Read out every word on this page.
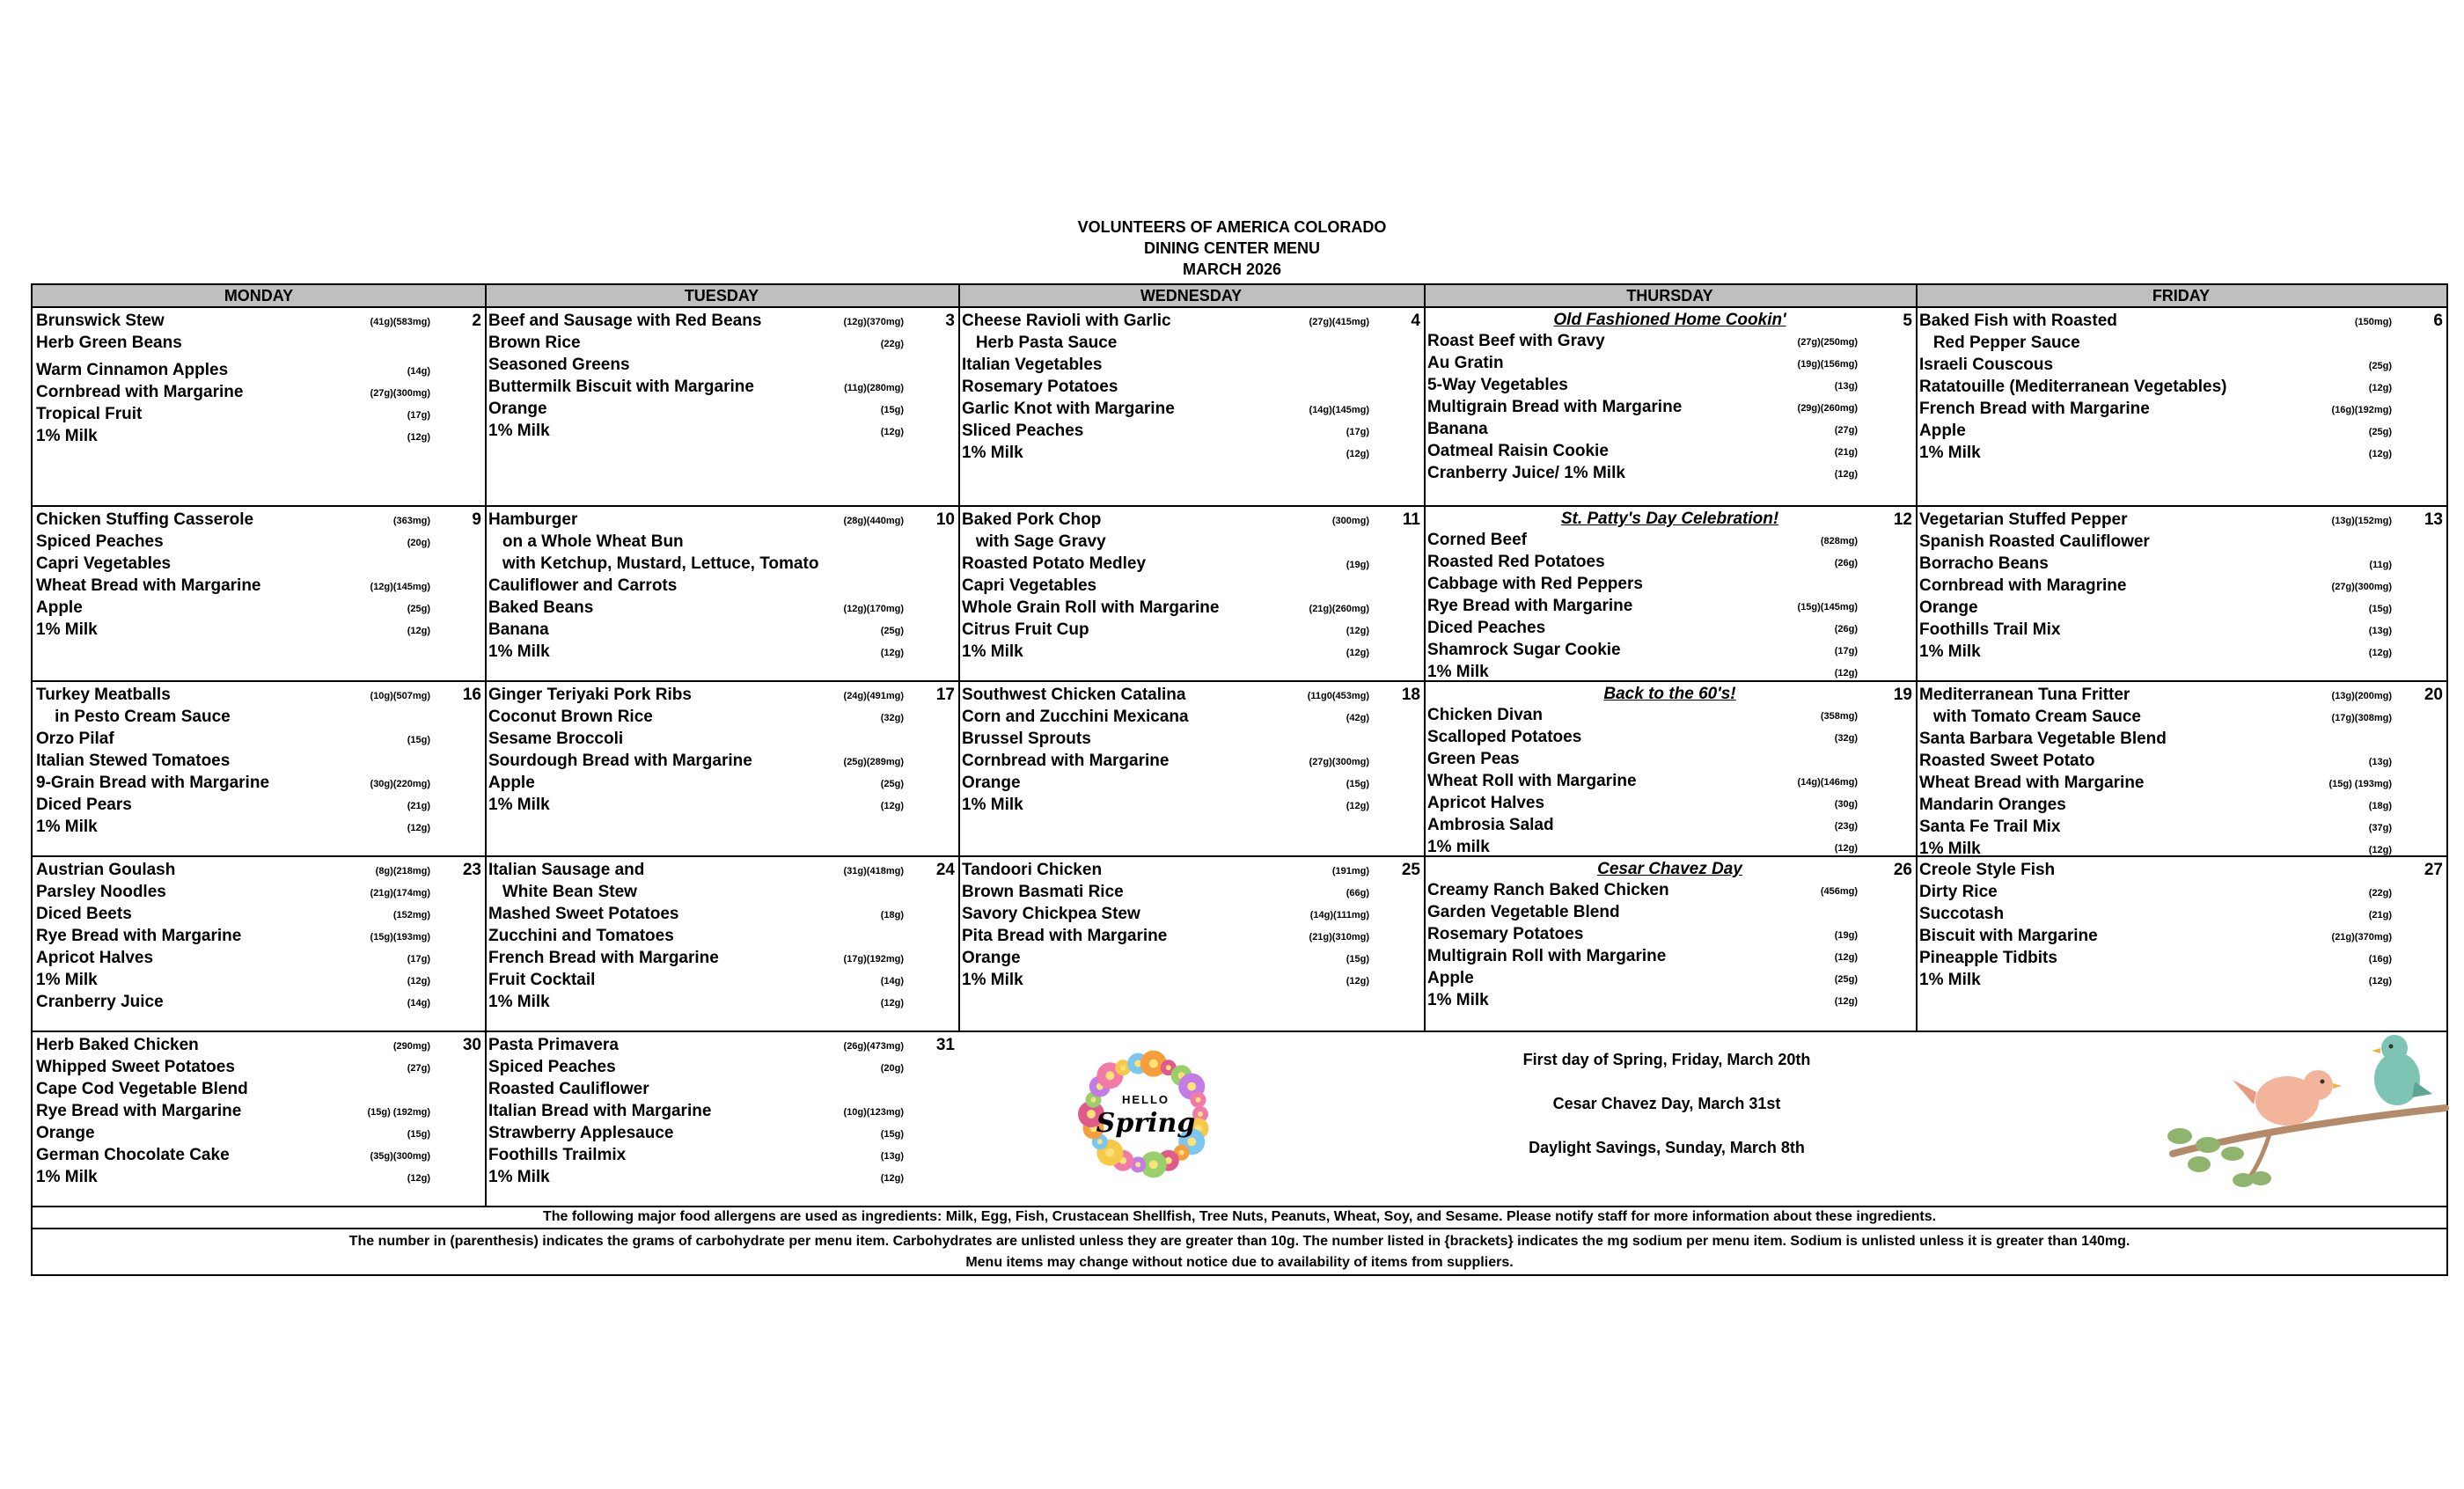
VOLUNTEERS OF AMERICA COLORADO
DINING CENTER MENU
MARCH 2026
MONDAY	TUESDAY	WEDNESDAY	THURSDAY	FRIDAY
2
Brunswick Stew	(41g)(583mg)
Herb Green Beans
Warm Cinnamon Apples	(14g)
Cornbread with Margarine	(27g)(300mg)
Tropical Fruit	(17g)
1% Milk	(12g)
3
Beef and Sausage with Red Beans	(12g)(370mg)
Brown Rice	(22g)
Seasoned Greens
Buttermilk Biscuit with Margarine	(11g)(280mg)
Orange	(15g)
1% Milk	(12g)
4
Cheese Ravioli with Garlic	(27g)(415mg)
Herb Pasta Sauce
Italian Vegetables
Rosemary Potatoes
Garlic Knot with Margarine	(14g)(145mg)
Sliced Peaches	(17g)
1% Milk	(12g)
5
Old Fashioned Home Cookin'
Roast Beef with Gravy	(27g)(250mg)
Au Gratin	(19g)(156mg)
5-Way Vegetables	(13g)
Multigrain Bread with Margarine	(29g)(260mg)
Banana	(27g)
Oatmeal Raisin Cookie	(21g)
Cranberry Juice/ 1% Milk	(12g)
6
Baked Fish with Roasted	(150mg)
Red Pepper Sauce
Israeli Couscous	(25g)
Ratatouille (Mediterranean Vegetables)	(12g)
French Bread with Margarine	(16g)(192mg)
Apple	(25g)
1% Milk	(12g)
9
Chicken Stuffing Casserole	(363mg)
Spiced Peaches	(20g)
Capri Vegetables
Wheat Bread with Margarine	(12g)(145mg)
Apple	(25g)
1% Milk	(12g)
10
Hamburger	(28g)(440mg)
on a Whole Wheat Bun
with Ketchup, Mustard, Lettuce, Tomato
Cauliflower and Carrots
Baked Beans	(12g)(170mg)
Banana	(25g)
1% Milk	(12g)
11
Baked Pork Chop	(300mg)
with Sage Gravy
Roasted Potato Medley	(19g)
Capri Vegetables
Whole Grain Roll with Margarine	(21g)(260mg)
Citrus Fruit Cup	(12g)
1% Milk	(12g)
12
St. Patty's Day Celebration!
Corned Beef	(828mg)
Roasted Red Potatoes	(26g)
Cabbage with Red Peppers
Rye Bread with Margarine	(15g)(145mg)
Diced Peaches	(26g)
Shamrock Sugar Cookie	(17g)
1% Milk	(12g)
13
Vegetarian Stuffed Pepper	(13g)(152mg)
Spanish Roasted Cauliflower
Borracho Beans	(11g)
Cornbread with Maragrine	(27g)(300mg)
Orange	(15g)
Foothills Trail Mix	(13g)
1% Milk	(12g)
16
Turkey Meatballs	(10g)(507mg)
in Pesto Cream Sauce
Orzo Pilaf	(15g)
Italian Stewed Tomatoes
9-Grain Bread with Margarine	(30g)(220mg)
Diced Pears	(21g)
1% Milk	(12g)
17
Ginger Teriyaki Pork Ribs	(24g)(491mg)
Coconut Brown Rice	(32g)
Sesame Broccoli
Sourdough Bread with Margarine	(25g)(289mg)
Apple	(25g)
1% Milk	(12g)
18
Southwest Chicken Catalina	(11g0(453mg)
Corn and Zucchini Mexicana	(42g)
Brussel Sprouts
Cornbread with Margarine	(27g)(300mg)
Orange	(15g)
1% Milk	(12g)
19
Back to the 60's!
Chicken Divan	(358mg)
Scalloped Potatoes	(32g)
Green Peas
Wheat Roll with Margarine	(14g)(146mg)
Apricot Halves	(30g)
Ambrosia Salad	(23g)
1% milk	(12g)
20
Mediterranean Tuna Fritter	(13g)(200mg)
with Tomato Cream Sauce	(17g)(308mg)
Santa Barbara Vegetable Blend
Roasted Sweet Potato	(13g)
Wheat Bread with Margarine	(15g) (193mg)
Mandarin Oranges	(18g)
Santa Fe Trail Mix	(37g)
1% Milk	(12g)
23
Austrian Goulash	(8g)(218mg)
Parsley Noodles	(21g)(174mg)
Diced Beets	(152mg)
Rye Bread with Margarine	(15g)(193mg)
Apricot Halves	(17g)
1% Milk	(12g)
Cranberry Juice	(14g)
24
Italian Sausage and	(31g)(418mg)
White Bean Stew
Mashed Sweet Potatoes	(18g)
Zucchini and Tomatoes
French Bread with Margarine	(17g)(192mg)
Fruit Cocktail	(14g)
1% Milk	(12g)
25
Tandoori Chicken	(191mg)
Brown Basmati Rice	(66g)
Savory Chickpea Stew	(14g)(111mg)
Pita Bread with Margarine	(21g)(310mg)
Orange	(15g)
1% Milk	(12g)
26
Cesar Chavez Day
Creamy Ranch Baked Chicken	(456mg)
Garden Vegetable Blend
Rosemary Potatoes	(19g)
Multigrain Roll with Margarine	(12g)
Apple	(25g)
1% Milk	(12g)
27
Creole Style Fish
Dirty Rice	(22g)
Succotash	(21g)
Biscuit with Margarine	(21g)(370mg)
Pineapple Tidbits	(16g)
1% Milk	(12g)
30
Herb Baked Chicken	(290mg)
Whipped Sweet Potatoes	(27g)
Cape Cod Vegetable Blend
Rye Bread with Margarine	(15g) (192mg)
Orange	(15g)
German Chocolate Cake	(35g)(300mg)
1% Milk	(12g)
31
Pasta Primavera	(26g)(473mg)
Spiced Peaches	(20g)
Roasted Cauliflower
Italian Bread with Margarine	(10g)(123mg)
Strawberry Applesauce	(15g)
Foothills Trailmix	(13g)
1% Milk	(12g)
First day of Spring, Friday, March 20th
Cesar Chavez Day, March 31st
Daylight Savings, Sunday, March 8th
HELLO
Spring
The following major food allergens are used as ingredients: Milk, Egg, Fish, Crustacean Shellfish, Tree Nuts, Peanuts, Wheat, Soy, and Sesame. Please notify staff for more information about these ingredients.
The number in (parenthesis) indicates the grams of carbohydrate per menu item. Carbohydrates are unlisted unless they are greater than 10g. The number listed in {brackets} indicates the mg sodium per menu item. Sodium is unlisted unless it is greater than 140mg.
Menu items may change without notice due to availability of items from suppliers.
